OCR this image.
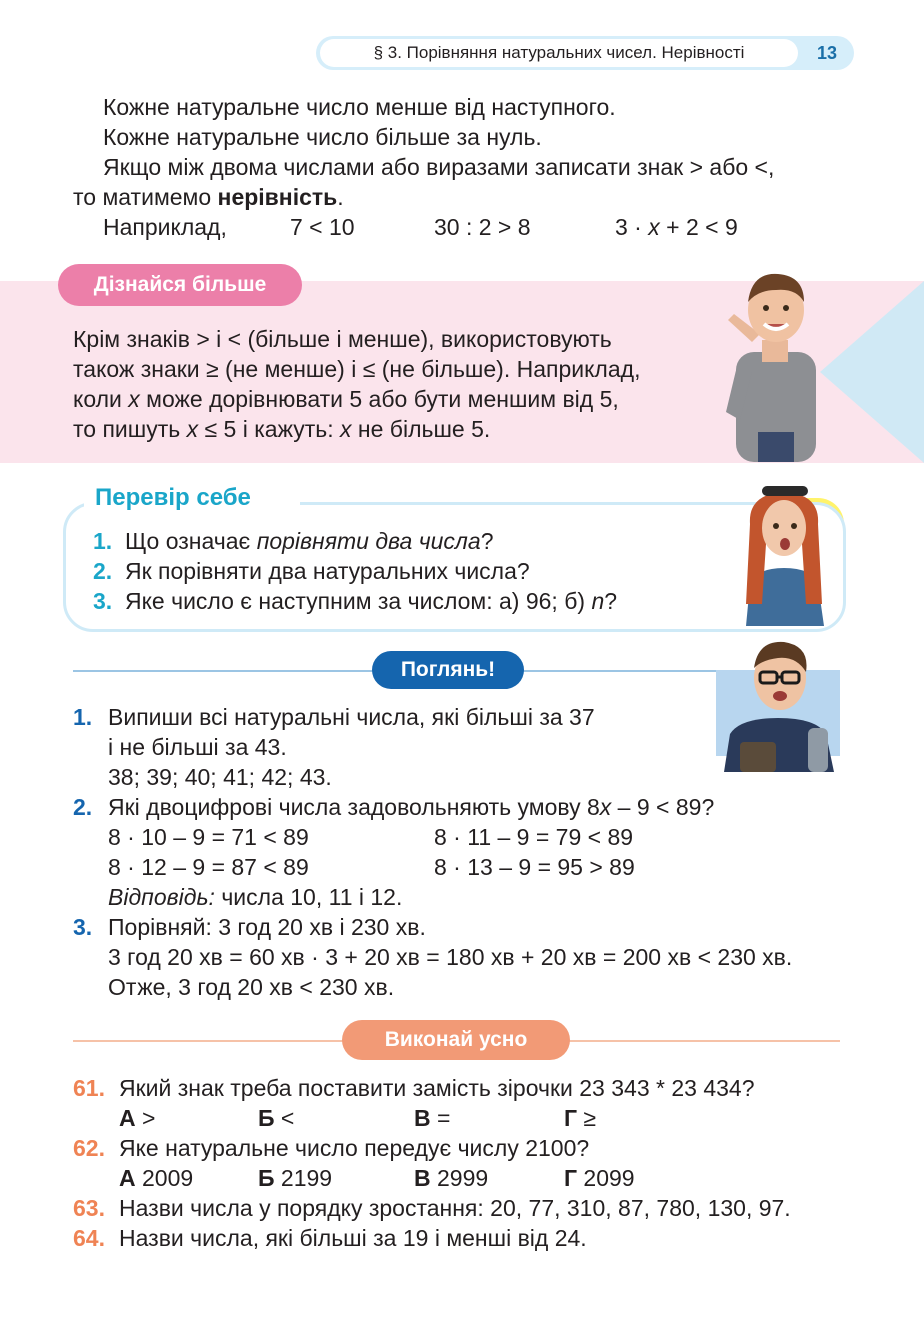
§ 3. Порівняння натуральних чисел. Нерівності	13
Кожне натуральне число менше від наступного.
Кожне натуральне число більше за нуль.
Якщо між двома числами або виразами записати знак > або <,
то матимемо нерівність.
Наприклад,	7 < 10	30 : 2 > 8	3 · x + 2 < 9
Дізнайся більше
Крім знаків > і < (більше і менше), використовують
також знаки ≥ (не менше) і ≤ (не більше). Наприклад,
коли x може дорівнювати 5 або бути меншим від 5,
то пишуть x ≤ 5 і кажуть: x не більше 5.
Перевір себе
1. Що означає порівняти два числа?
2. Як порівняти два натуральних числа?
3. Яке число є наступним за числом: а) 96; б) n?
Поглянь!
1. Випиши всі натуральні числа, які більші за 37
і не більші за 43.
38; 39; 40; 41; 42; 43.
2. Які двоцифрові числа задовольняють умову 8x – 9 < 89?
8 · 10 – 9 = 71 < 89	8 · 11 – 9 = 79 < 89
8 · 12 – 9 = 87 < 89	8 · 13 – 9 = 95 > 89
Відповідь: числа 10, 11 і 12.
3. Порівняй: 3 год 20 хв і 230 хв.
3 год 20 хв = 60 хв · 3 + 20 хв = 180 хв + 20 хв = 200 хв < 230 хв.
Отже, 3 год 20 хв < 230 хв.
Виконай усно
61. Який знак треба поставити замість зірочки 23 343 * 23 434?
А >	Б <	В =	Г ≥
62. Яке натуральне число передує числу 2100?
А 2009	Б 2199	В 2999	Г 2099
63. Назви числа у порядку зростання: 20, 77, 310, 87, 780, 130, 97.
64. Назви числа, які більші за 19 і менші від 24.
